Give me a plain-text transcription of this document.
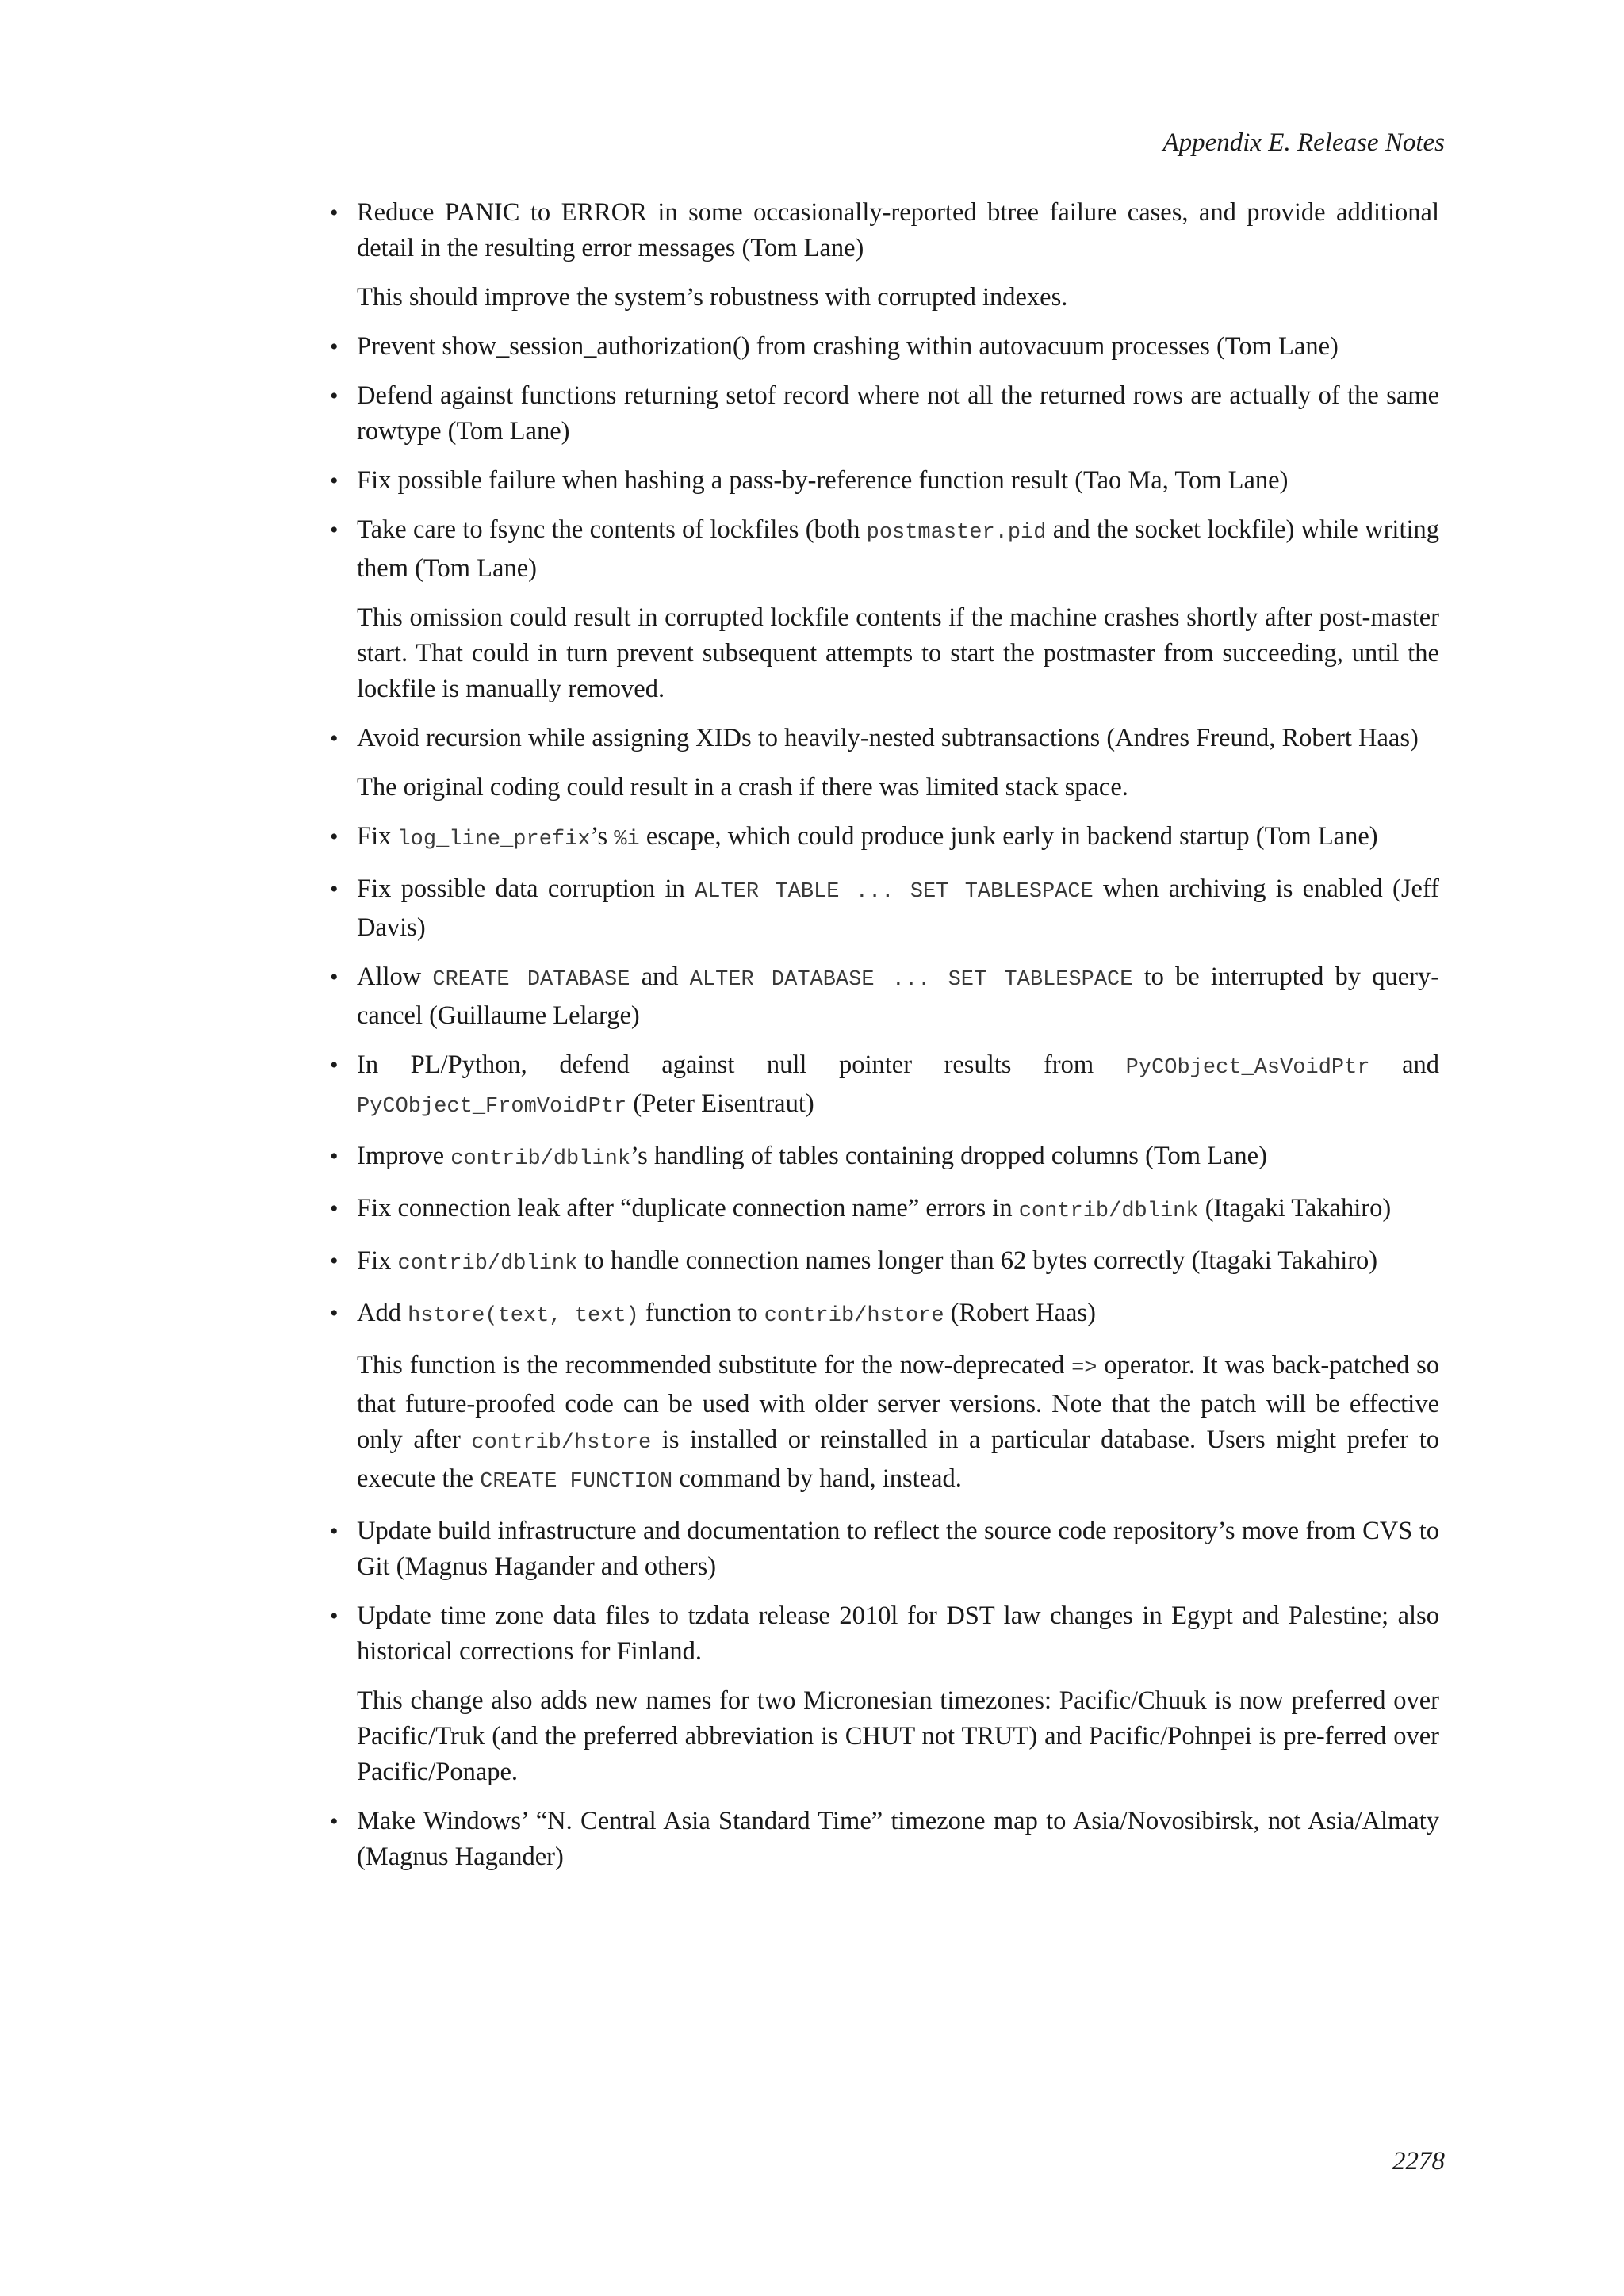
Appendix E. Release Notes
• Reduce PANIC to ERROR in some occasionally-reported btree failure cases, and provide additional detail in the resulting error messages (Tom Lane)

This should improve the system’s robustness with corrupted indexes.

• Prevent show_session_authorization() from crashing within autovacuum processes (Tom Lane)

• Defend against functions returning setof record where not all the returned rows are actually of the same rowtype (Tom Lane)

• Fix possible failure when hashing a pass-by-reference function result (Tao Ma, Tom Lane)

• Take care to fsync the contents of lockfiles (both postmaster.pid and the socket lockfile) while writing them (Tom Lane)

This omission could result in corrupted lockfile contents if the machine crashes shortly after post-master start. That could in turn prevent subsequent attempts to start the postmaster from succeeding, until the lockfile is manually removed.

• Avoid recursion while assigning XIDs to heavily-nested subtransactions (Andres Freund, Robert Haas)

The original coding could result in a crash if there was limited stack space.

• Fix log_line_prefix’s %i escape, which could produce junk early in backend startup (Tom Lane)

• Fix possible data corruption in ALTER TABLE ... SET TABLESPACE when archiving is enabled (Jeff Davis)

• Allow CREATE DATABASE and ALTER DATABASE ... SET TABLESPACE to be interrupted by query-cancel (Guillaume Lelarge)

• In PL/Python, defend against null pointer results from PyCObject_AsVoidPtr and PyCObject_FromVoidPtr (Peter Eisentraut)

• Improve contrib/dblink’s handling of tables containing dropped columns (Tom Lane)

• Fix connection leak after “duplicate connection name” errors in contrib/dblink (Itagaki Takahiro)

• Fix contrib/dblink to handle connection names longer than 62 bytes correctly (Itagaki Takahiro)

• Add hstore(text, text) function to contrib/hstore (Robert Haas)

This function is the recommended substitute for the now-deprecated => operator. It was back-patched so that future-proofed code can be used with older server versions. Note that the patch will be effective only after contrib/hstore is installed or reinstalled in a particular database. Users might prefer to execute the CREATE FUNCTION command by hand, instead.

• Update build infrastructure and documentation to reflect the source code repository’s move from CVS to Git (Magnus Hagander and others)

• Update time zone data files to tzdata release 2010l for DST law changes in Egypt and Palestine; also historical corrections for Finland.

This change also adds new names for two Micronesian timezones: Pacific/Chuuk is now preferred over Pacific/Truk (and the preferred abbreviation is CHUT not TRUT) and Pacific/Pohnpei is pre-ferred over Pacific/Ponape.

• Make Windows’ “N. Central Asia Standard Time” timezone map to Asia/Novosibirsk, not Asia/Almaty (Magnus Hagander)

2278
